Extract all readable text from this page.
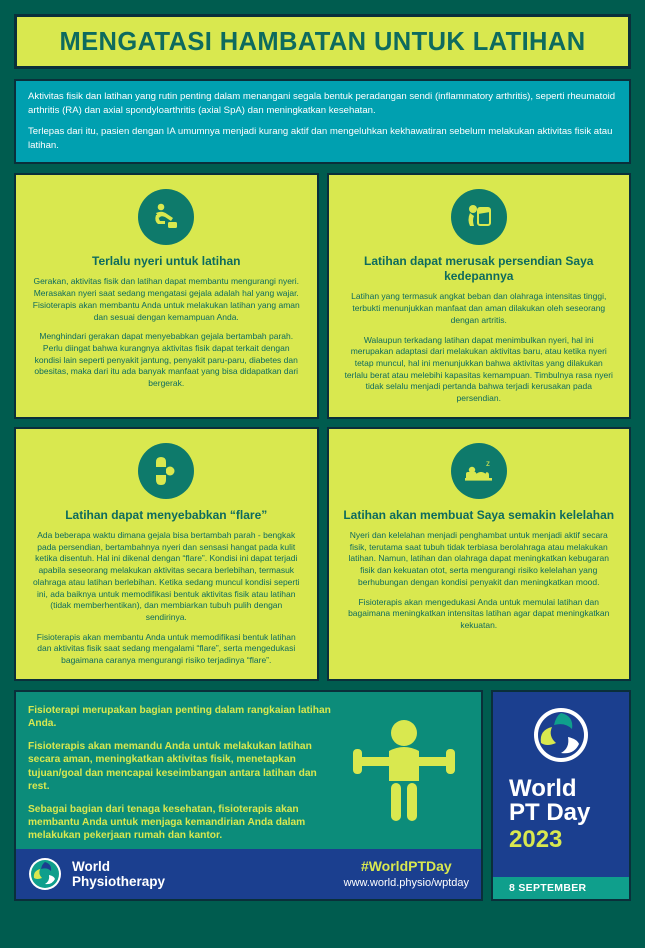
MENGATASI HAMBATAN UNTUK LATIHAN

Aktivitas fisik dan latihan yang rutin penting dalam menangani segala bentuk peradangan sendi (inflammatory arthritis), seperti rheumatoid arthritis (RA) dan axial spondyloarthritis (axial SpA) dan meningkatkan kesehatan.

Terlepas dari itu, pasien dengan IA umumnya menjadi kurang aktif dan mengeluhkan kekhawatiran sebelum melakukan aktivitas fisik atau latihan.

Terlalu nyeri untuk latihan

Gerakan, aktivitas fisik dan latihan dapat membantu mengurangi nyeri. Merasakan nyeri saat sedang mengatasi gejala adalah hal yang wajar. Fisioterapis akan membantu Anda untuk melakukan latihan yang aman dan sesuai dengan kemampuan Anda.

Menghindari gerakan dapat menyebabkan gejala bertambah parah. Perlu diingat bahwa kurangnya aktivitas fisik dapat terkait dengan kondisi lain seperti penyakit jantung, penyakit paru-paru, diabetes dan obesitas, maka dari itu ada banyak manfaat yang bisa didapatkan dari bergerak.

Latihan dapat merusak persendian Saya kedepannya

Latihan yang termasuk angkat beban dan olahraga intensitas tinggi, terbukti menunjukkan manfaat dan aman dilakukan oleh seseorang dengan artritis.

Walaupun terkadang latihan dapat menimbulkan nyeri, hal ini merupakan adaptasi dari melakukan aktivitas baru, atau ketika nyeri tetap muncul, hal ini menunjukkan bahwa aktivitas yang dilakukan terlalu berat atau melebihi kapasitas kemampuan. Timbulnya rasa nyeri tidak selalu menjadi pertanda bahwa terjadi kerusakan pada persendian.

Latihan dapat menyebabkan “flare”

Ada beberapa waktu dimana gejala bisa bertambah parah - bengkak pada persendian, bertambahnya nyeri dan sensasi hangat pada kulit ketika disentuh. Hal ini dikenal dengan “flare”. Kondisi ini dapat terjadi apabila seseorang melakukan aktivitas secara berlebihan, termasuk olahraga atau latihan berlebihan. Ketika sedang muncul kondisi seperti ini, ada baiknya untuk memodifikasi bentuk aktivitas fisik atau latihan (tidak memberhentikan), dan membiarkan tubuh pulih dengan sendirinya.

Fisioterapis akan membantu Anda untuk memodifikasi bentuk latihan dan aktivitas fisik saat sedang mengalami “flare”, serta mengedukasi bagaimana caranya mengurangi risiko terjadinya “flare”.

z
Latihan akan membuat Saya semakin kelelahan

Nyeri dan kelelahan menjadi penghambat untuk menjadi aktif secara fisik, terutama saat tubuh tidak terbiasa berolahraga atau melakukan latihan. Namun, latihan dan olahraga dapat meningkatkan kebugaran fisik dan kekuatan otot, serta mengurangi risiko kelelahan yang berhubungan dengan kondisi penyakit dan meningkatkan mood.

Fisioterapis akan mengedukasi Anda untuk memulai latihan dan bagaimana meningkatkan intensitas latihan agar dapat meningkatkan kekuatan.

Fisioterapi merupakan bagian penting dalam rangkaian latihan Anda.

Fisioterapis akan memandu Anda untuk melakukan latihan secara aman, meningkatkan aktivitas fisik, menetapkan tujuan/goal dan mencapai keseimbangan antara latihan dan rest.

Sebagai bagian dari tenaga kesehatan, fisioterapis akan membantu Anda untuk menjaga kemandirian Anda dalam melakukan pekerjaan rumah dan kantor.

World
Physiotherapy
#WorldPTDay
www.world.physio/wptday
World
PT Day
2023
8 SEPTEMBER
